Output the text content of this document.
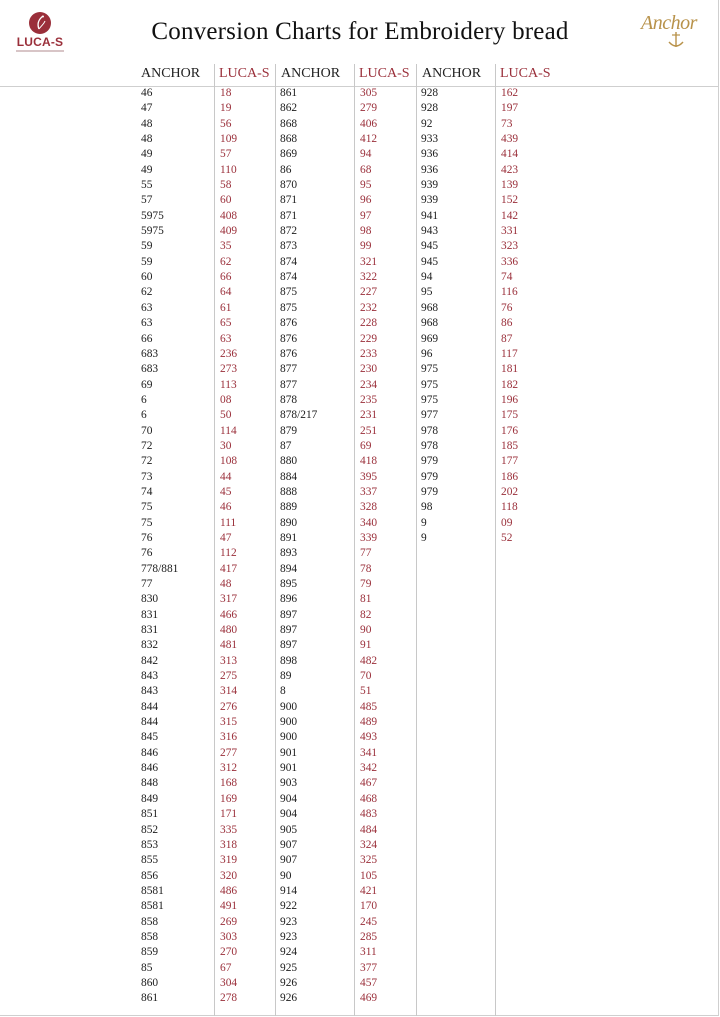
LUCA-S	Conversion Charts for Embroidery bread	Anchor
ANCHOR LUCA-S ANCHOR LUCA-S ANCHOR LUCA-S
46
47
48
48
49
49
55
57
5975
5975
59
59
60
62
63
63
66
683
683
69
6
6
70
72
72
73
74
75
75
76
76
778/881
77
830
831
831
832
842
843
843
844
844
845
846
846
848
849
851
852
853
855
856
8581
8581
858
858
859
85
860
861
18
19
56
109
57
110
58
60
408
409
35
62
66
64
61
65
63
236
273
113
08
50
114
30
108
44
45
46
111
47
112
417
48
317
466
480
481
313
275
314
276
315
316
277
312
168
169
171
335
318
319
320
486
491
269
303
270
67
304
278
861
862
868
868
869
86
870
871
871
872
873
874
874
875
875
876
876
876
877
877
878
878/217
879
87
880
884
888
889
890
891
893
894
895
896
897
897
897
898
89
8
900
900
900
901
901
903
904
904
905
907
907
90
914
922
923
923
924
925
926
926
305
279
406
412
94
68
95
96
97
98
99
321
322
227
232
228
229
233
230
234
235
231
251
69
418
395
337
328
340
339
77
78
79
81
82
90
91
482
70
51
485
489
493
341
342
467
468
483
484
324
325
105
421
170
245
285
311
377
457
469
928
928
92
933
936
936
939
939
941
943
945
945
94
95
968
968
969
96
975
975
975
977
978
978
979
979
979
98
9
9
162
197
73
439
414
423
139
152
142
331
323
336
74
116
76
86
87
117
181
182
196
175
176
185
177
186
202
118
09
52
